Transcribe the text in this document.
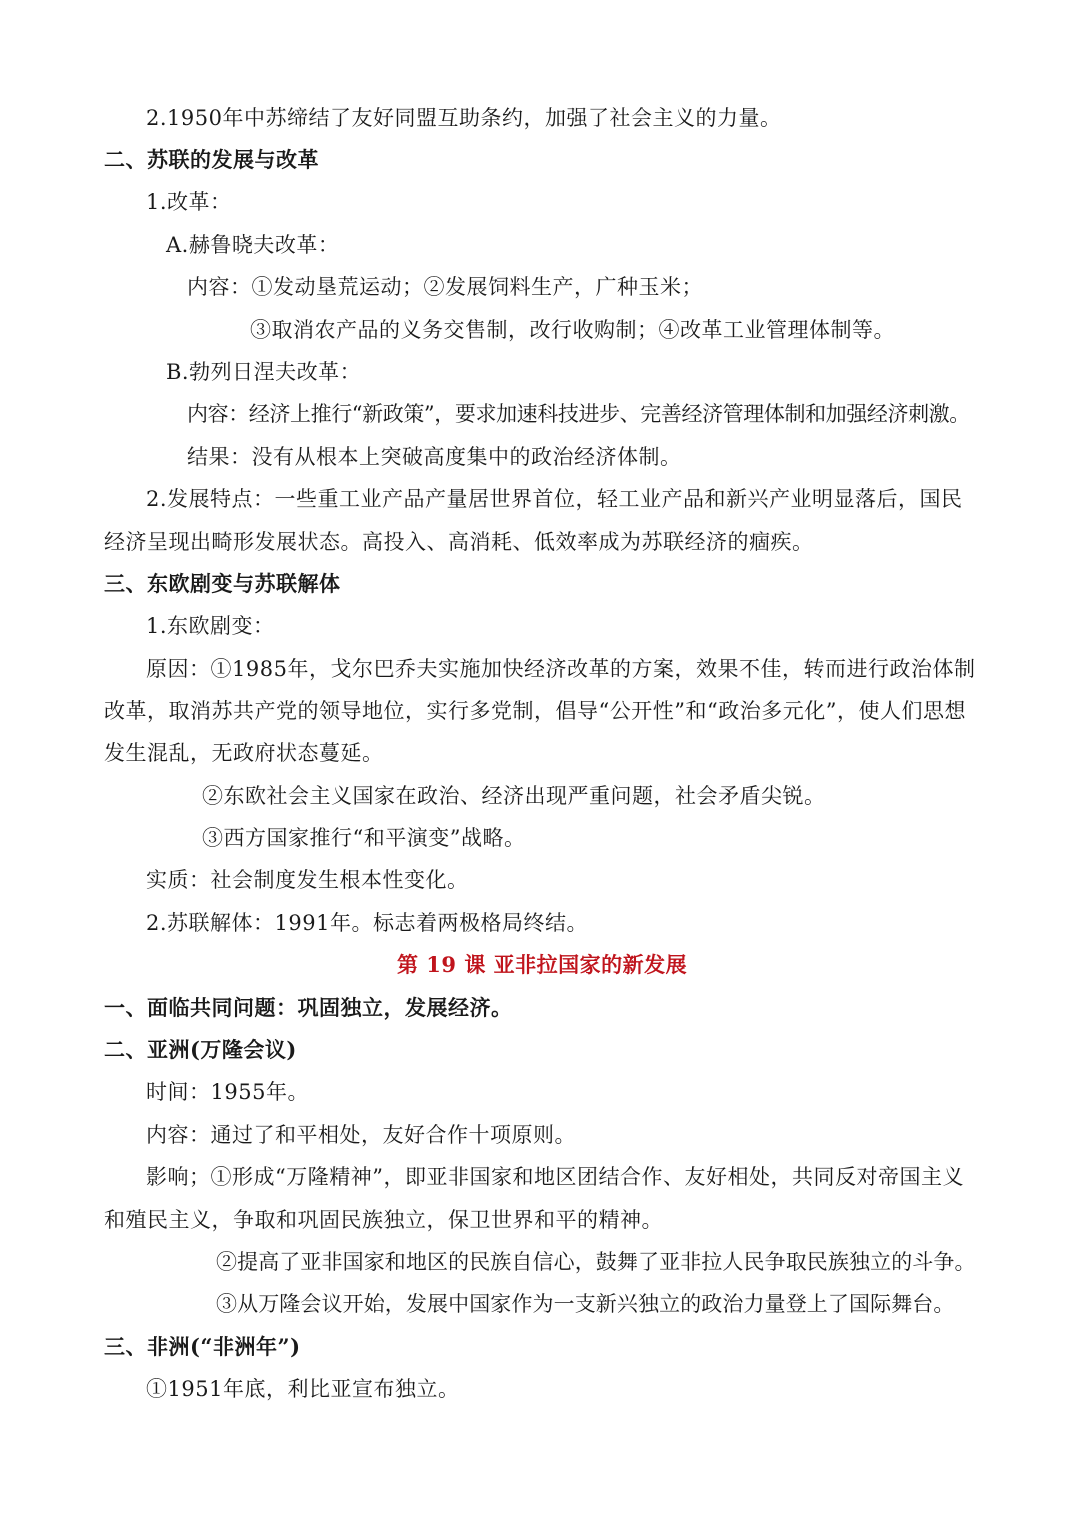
2.1950年中苏缔结了友好同盟互助条约，加强了社会主义的力量。
二、苏联的发展与改革
1.改革：
A.赫鲁晓夫改革：
内容：①发动垦荒运动；②发展饲料生产，广种玉米；
③取消农产品的义务交售制，改行收购制；④改革工业管理体制等。
B.勃列日涅夫改革：
内容：经济上推行“新政策”，要求加速科技进步、完善经济管理体制和加强经济刺激。
结果：没有从根本上突破高度集中的政治经济体制。
2.发展特点：一些重工业产品产量居世界首位，轻工业产品和新兴产业明显落后，国民
经济呈现出畸形发展状态。高投入、高消耗、低效率成为苏联经济的痼疾。
三、东欧剧变与苏联解体
1.东欧剧变：
原因：①1985年，戈尔巴乔夫实施加快经济改革的方案，效果不佳，转而进行政治体制
改革，取消苏共产党的领导地位，实行多党制，倡导“公开性”和“政治多元化”，使人们思想
发生混乱，无政府状态蔓延。
②东欧社会主义国家在政治、经济出现严重问题，社会矛盾尖锐。
③西方国家推行“和平演变”战略。
实质：社会制度发生根本性变化。
2.苏联解体：1991年。标志着两极格局终结。
第 19 课 亚非拉国家的新发展
一、面临共同问题：巩固独立，发展经济。
二、亚洲(万隆会议)
时间：1955年。
内容：通过了和平相处，友好合作十项原则。
影响；①形成“万隆精神”，即亚非国家和地区团结合作、友好相处，共同反对帝国主义
和殖民主义，争取和巩固民族独立，保卫世界和平的精神。
②提高了亚非国家和地区的民族自信心，鼓舞了亚非拉人民争取民族独立的斗争。
③从万隆会议开始，发展中国家作为一支新兴独立的政治力量登上了国际舞台。
三、非洲(“非洲年”)
①1951年底，利比亚宣布独立。
